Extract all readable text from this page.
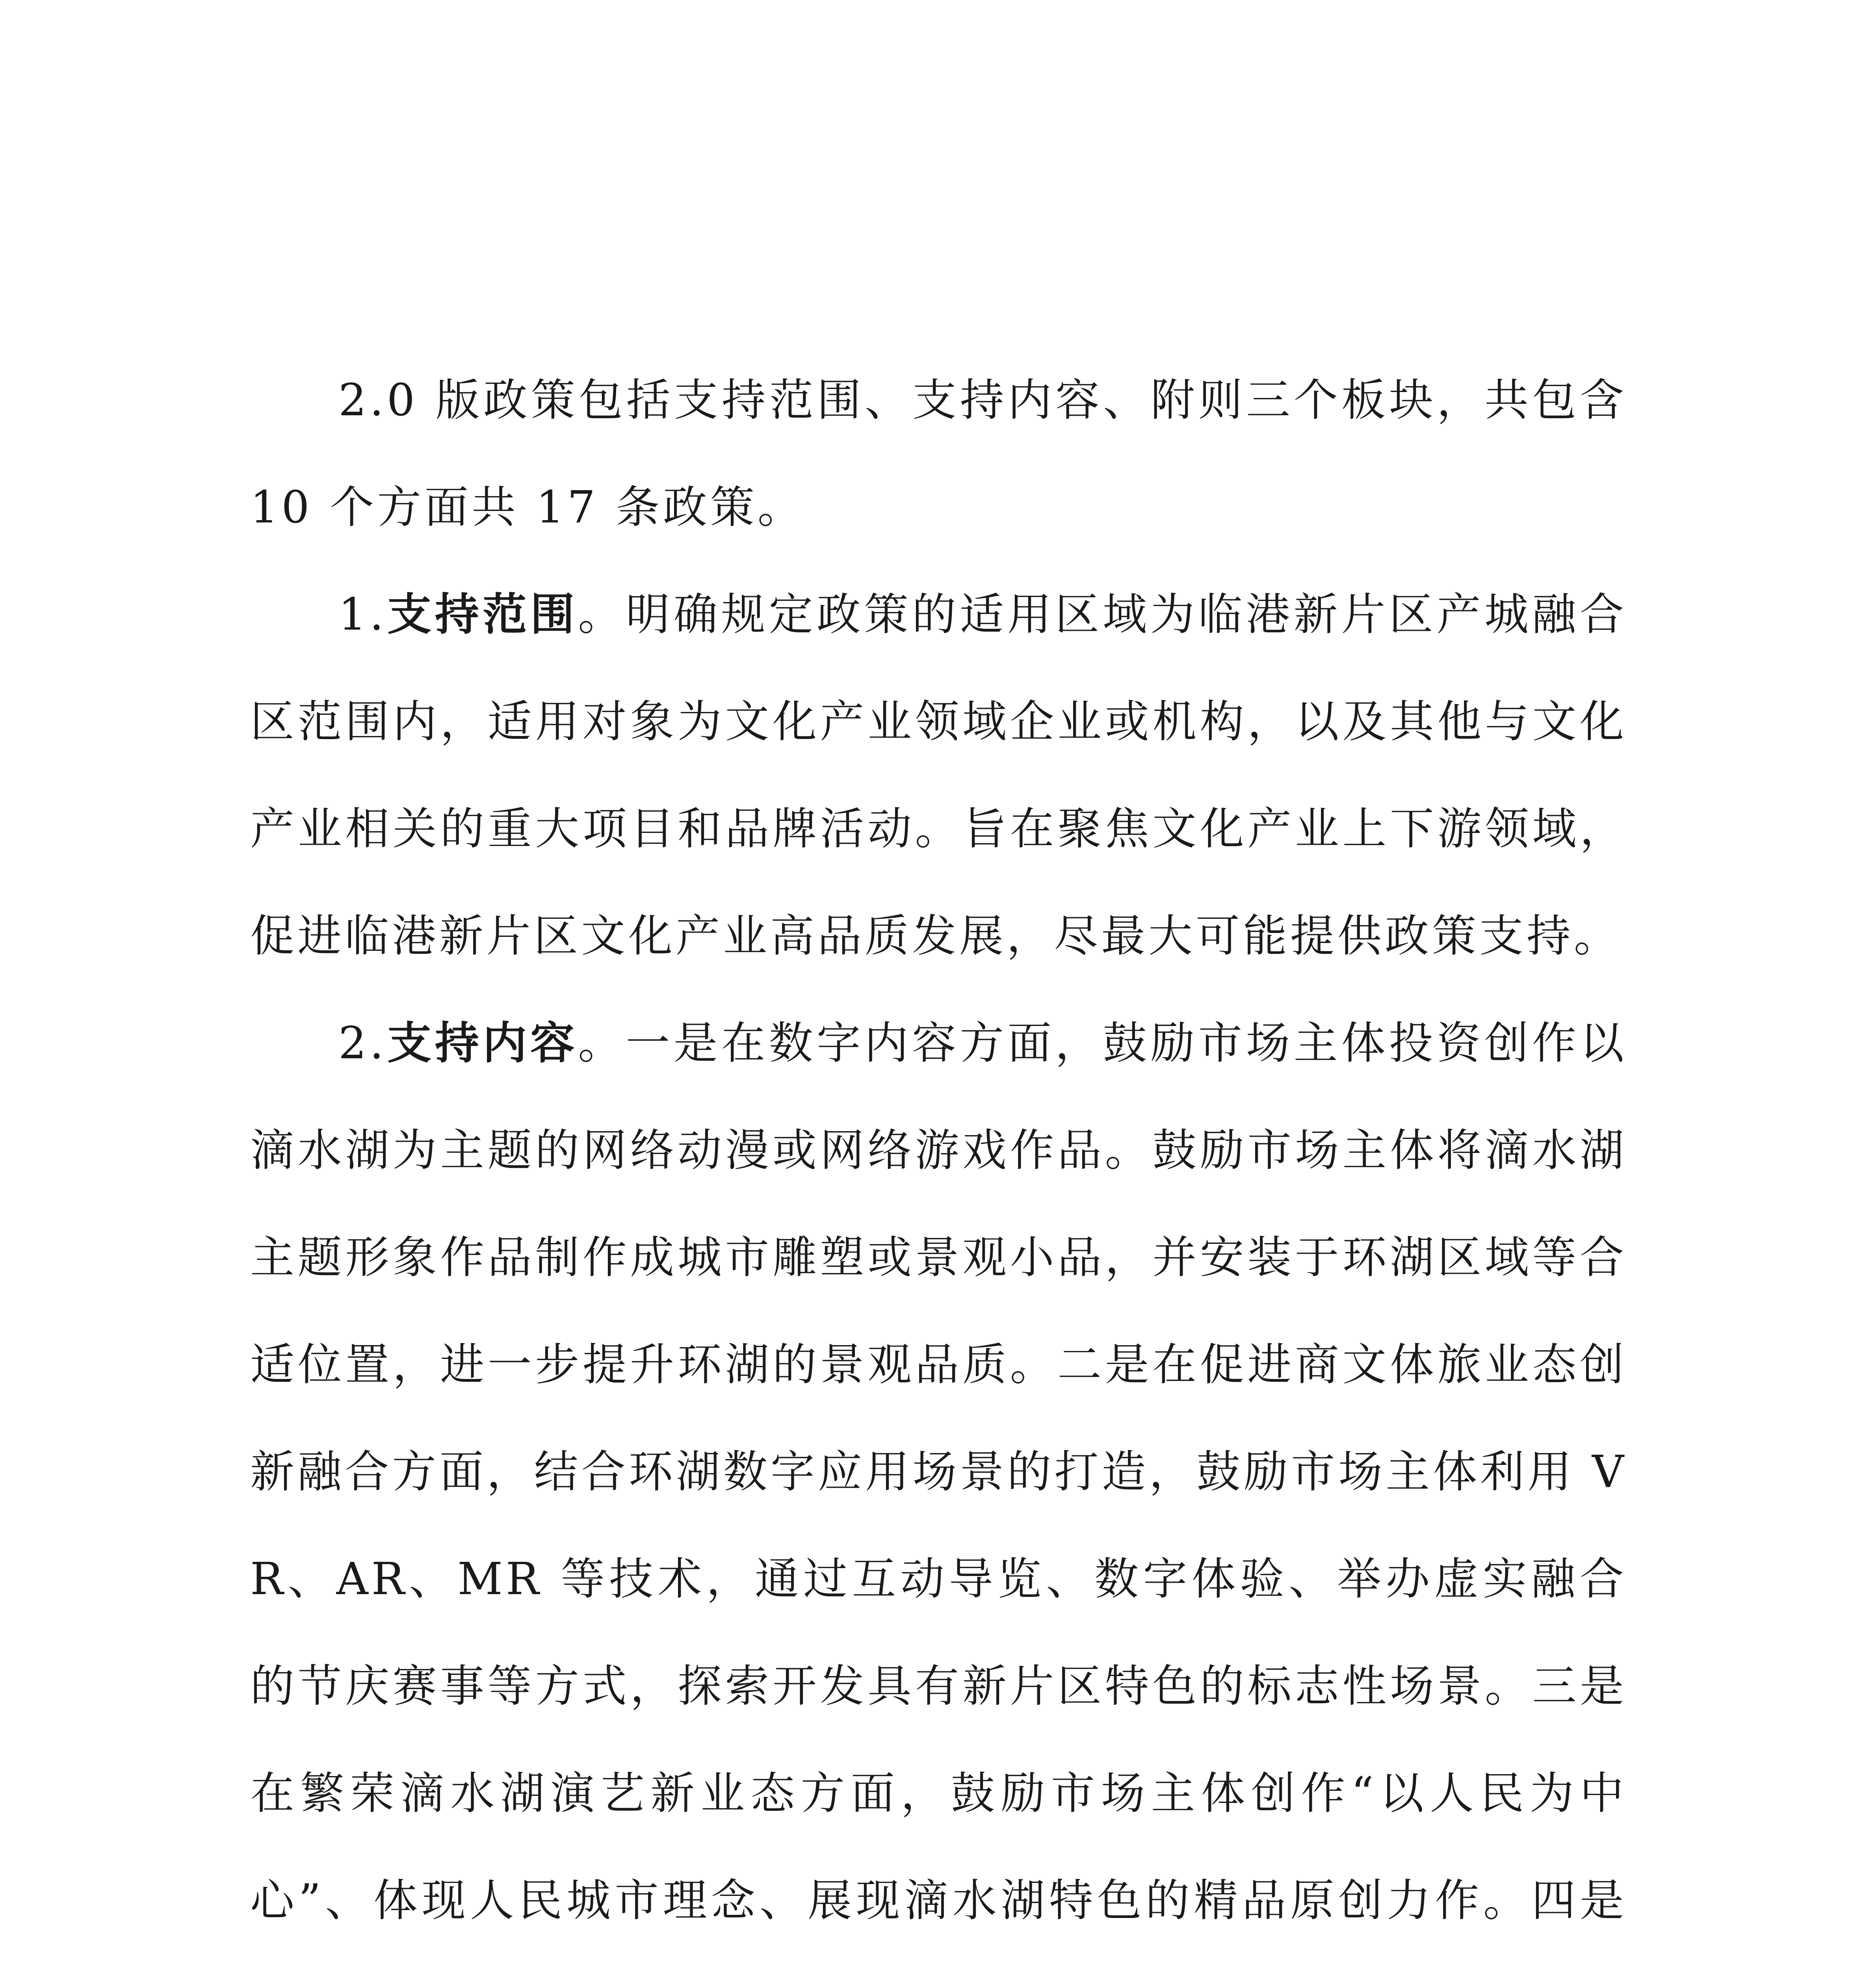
2.0 版政策包括支持范围、支持内容、附则三个板块，共包含 10 个方面共 17 条政策。

1.支持范围。明确规定政策的适用区域为临港新片区产城融合区范围内，适用对象为文化产业领域企业或机构，以及其他与文化产业相关的重大项目和品牌活动。旨在聚焦文化产业上下游领域，促进临港新片区文化产业高品质发展，尽最大可能提供政策支持。

2.支持内容。一是在数字内容方面，鼓励市场主体投资创作以滴水湖为主题的网络动漫或网络游戏作品。鼓励市场主体将滴水湖主题形象作品制作成城市雕塑或景观小品，并安装于环湖区域等合适位置，进一步提升环湖的景观品质。二是在促进商文体旅业态创新融合方面，结合环湖数字应用场景的打造，鼓励市场主体利用 VR、AR、MR 等技术，通过互动导览、数字体验、举办虚实融合的节庆赛事等方式，探索开发具有新片区特色的标志性场景。三是在繁荣滴水湖演艺新业态方面，鼓励市场主体创作“以人民为中心”、体现人民城市理念、展现滴水湖特色的精品原创力作。四是
